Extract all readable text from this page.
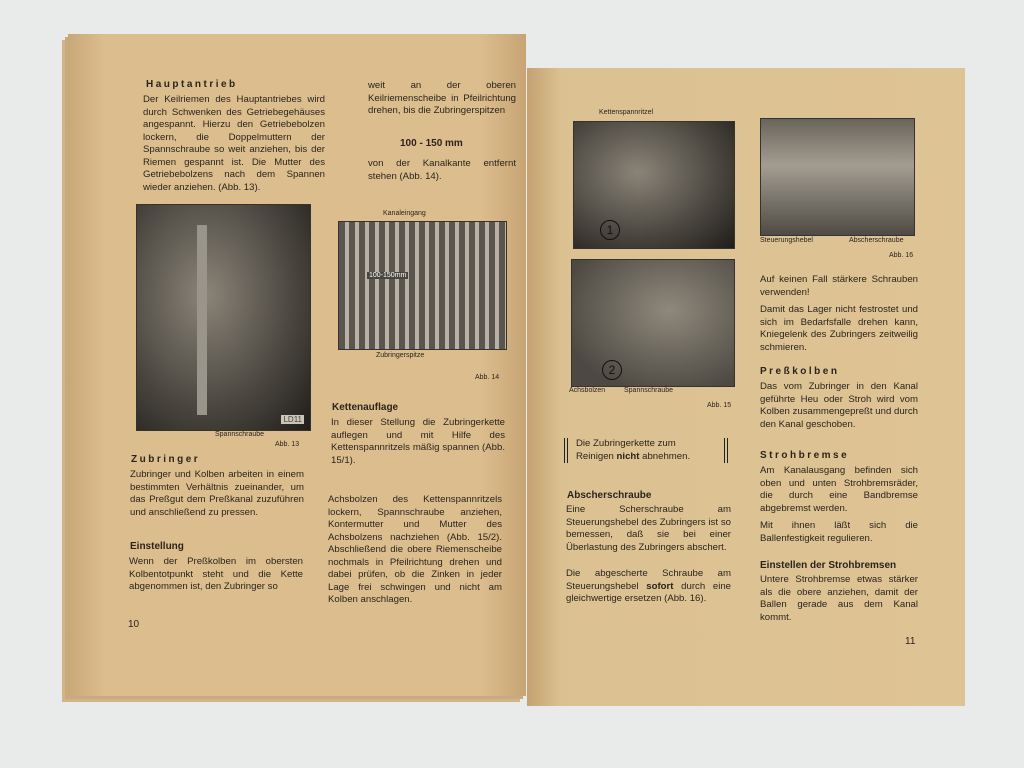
Hauptantrieb
Der Keilriemen des Hauptantriebes wird durch Schwenken des Getriebegehäuses angespannt. Hierzu den Getriebebolzen lockern, die Doppelmuttern der Spannschraube so weit anziehen, bis der Riemen gespannt ist. Die Mutter des Getriebebolzens nach dem Spannen wieder anziehen. (Abb. 13).
weit an der oberen Keilriemenscheibe in Pfeilrichtung drehen, bis die Zubringerspitzen
100 - 150 mm
von der Kanalkante entfernt stehen (Abb. 14).
LD11
Spannschraube
Abb. 13
Kanaleingang
100-150mm
Zubringerspitze
Abb. 14
Zubringer
Zubringer und Kolben arbeiten in einem bestimmten Verhältnis zueinander, um das Preßgut dem Preßkanal zuzuführen und anschließend zu pressen.
Einstellung
Wenn der Preßkolben im obersten Kolbentotpunkt steht und die Kette abgenommen ist, den Zubringer so
Kettenauflage
In dieser Stellung die Zubringerkette auflegen und mit Hilfe des Kettenspannritzels mäßig spannen (Abb. 15/1).
Achsbolzen des Kettenspannritzels lockern, Spannschraube anziehen, Kontermutter und Mutter des Achsbolzens nachziehen (Abb. 15/2). Abschließend die obere Riemenscheibe nochmals in Pfeilrichtung drehen und dabei prüfen, ob die Zinken in jeder Lage frei schwingen und nicht am Kolben anschlagen.
10
Kettenspannritzel
1
2
Achsbolzen	Spannschraube
Abb. 15
Steuerungshebel	Abscherschraube
Abb. 16
Auf keinen Fall stärkere Schrauben verwenden!
Damit das Lager nicht festrostet und sich im Bedarfsfalle drehen kann, Kniegelenk des Zubringers zeitweilig schmieren.
Preßkolben
Das vom Zubringer in den Kanal geführte Heu oder Stroh wird vom Kolben zusammengepreßt und durch den Kanal geschoben.
Strohbremse
Am Kanalausgang befinden sich oben und unten Strohbremsräder, die durch eine Bandbremse abgebremst werden.
Mit ihnen läßt sich die Ballenfestigkeit regulieren.
Einstellen der Strohbremsen
Untere Strohbremse etwas stärker als die obere anziehen, damit der Ballen gerade aus dem Kanal kommt.
Die Zubringerkette zum Reinigen nicht abnehmen.
Abscherschraube
Eine Scherschraube am Steuerungshebel des Zubringers ist so bemessen, daß sie bei einer Überlastung des Zubringers abschert.
Die abgescherte Schraube am Steuerungshebel sofort durch eine gleichwertige ersetzen (Abb. 16).
11
